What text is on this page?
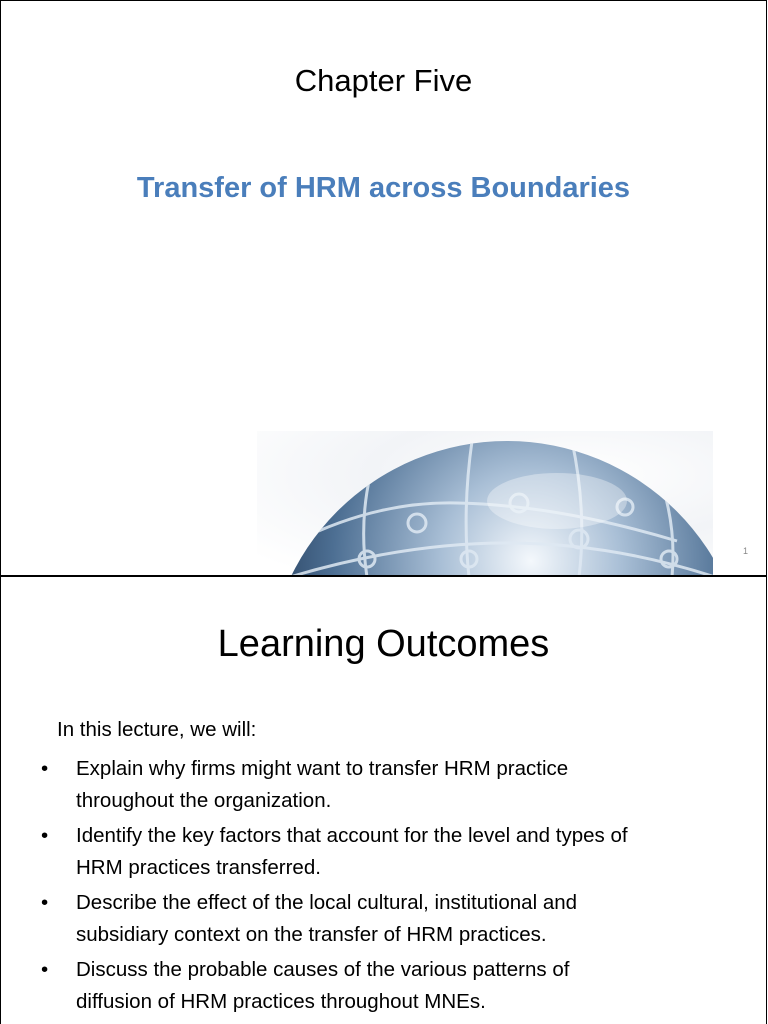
Chapter Five
Transfer of HRM across Boundaries
1
Learning Outcomes
In this lecture, we will:
• Explain why firms might want to transfer HRM practice
throughout the organization.
• Identify the key factors that account for the level and types of
HRM practices transferred.
• Describe the effect of the local cultural, institutional and
subsidiary context on the transfer of HRM practices.
• Discuss the probable causes of the various patterns of
diffusion of HRM practices throughout MNEs.
